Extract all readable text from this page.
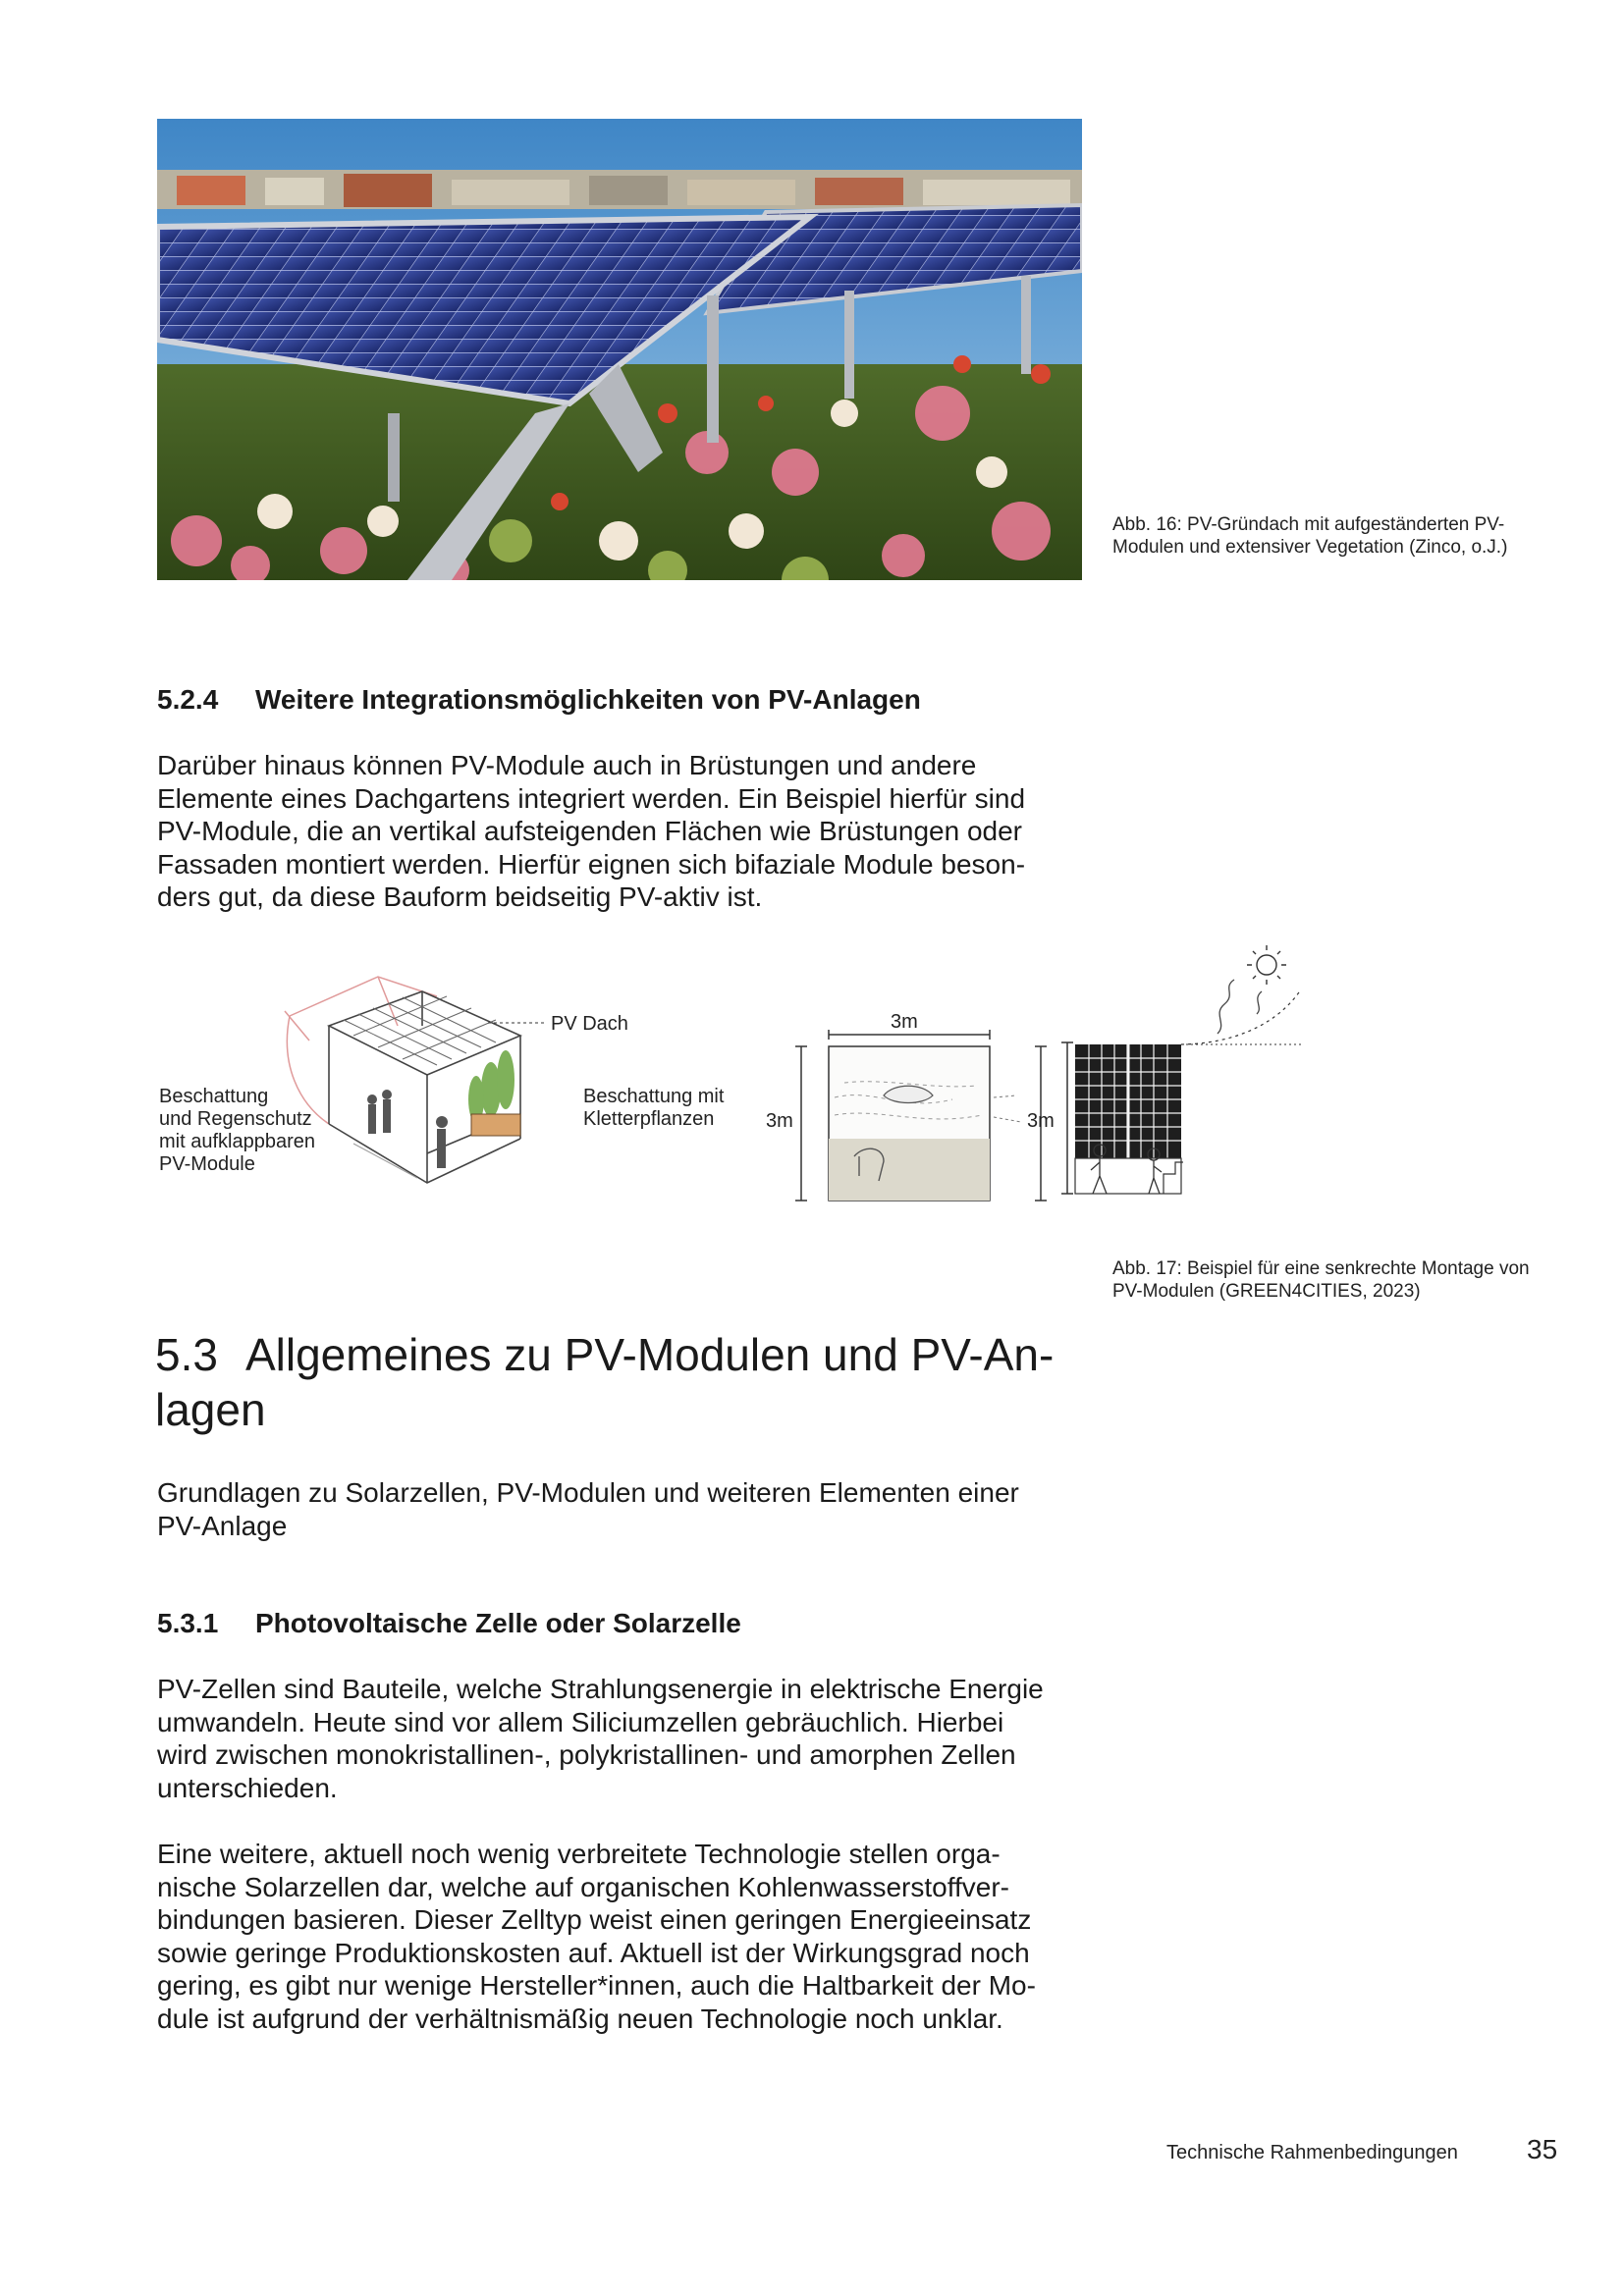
Abb. 16: PV-Gründach mit aufgeständerten PV-
Modulen und extensiver Vegetation (Zinco, o.J.)
5.2.4 Weitere Integrationsmöglichkeiten von PV-Anlagen
Darüber hinaus können PV-Module auch in Brüstungen und andere
Elemente eines Dachgartens integriert werden. Ein Beispiel hierfür sind
PV-Module, die an vertikal aufsteigenden Flächen wie Brüstungen oder
Fassaden montiert werden. Hierfür eignen sich bifaziale Module beson-
ders gut, da diese Bauform beidseitig PV-aktiv ist.
PV Dach
Beschattung
und Regenschutz
mit aufklappbaren
PV-Module
Beschattung mit
Kletterpflanzen
3m
3m	3m
Abb. 17: Beispiel für eine senkrechte Montage von
PV-Modulen (GREEN4CITIES, 2023)
5.3 Allgemeines zu PV-Modulen und PV-An-
lagen
Grundlagen zu Solarzellen, PV-Modulen und weiteren Elementen einer
PV-Anlage
5.3.1 Photovoltaische Zelle oder Solarzelle
PV-Zellen sind Bauteile, welche Strahlungsenergie in elektrische Energie
umwandeln. Heute sind vor allem Siliciumzellen gebräuchlich. Hierbei
wird zwischen monokristallinen-, polykristallinen- und amorphen Zellen
unterschieden.
Eine weitere, aktuell noch wenig verbreitete Technologie stellen orga-
nische Solarzellen dar, welche auf organischen Kohlenwasserstoffver-
bindungen basieren. Dieser Zelltyp weist einen geringen Energieeinsatz
sowie geringe Produktionskosten auf. Aktuell ist der Wirkungsgrad noch
gering, es gibt nur wenige Hersteller*innen, auch die Haltbarkeit der Mo-
dule ist aufgrund der verhältnismäßig neuen Technologie noch unklar.
Technische Rahmenbedingungen	35
